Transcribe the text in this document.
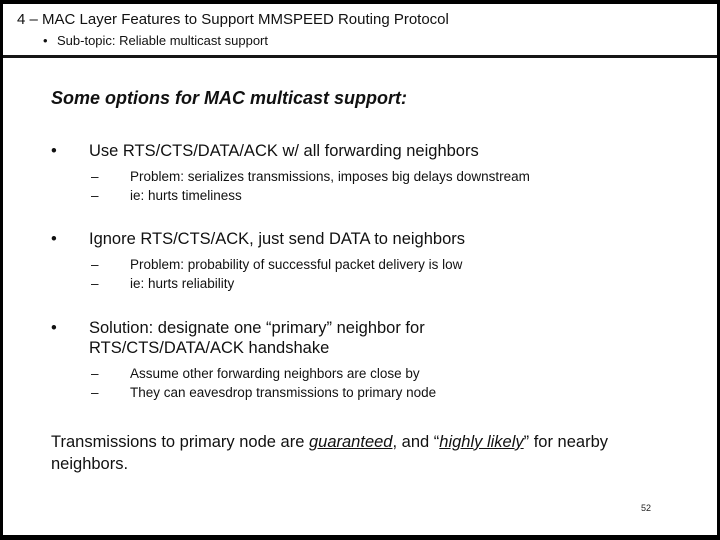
4 – MAC Layer Features to Support MMSPEED Routing Protocol
• Sub-topic: Reliable multicast support
Some options for MAC multicast support:
•	Use RTS/CTS/DATA/ACK w/ all forwarding neighbors
–	Problem: serializes transmissions, imposes big delays downstream
–	ie: hurts timeliness
•	Ignore RTS/CTS/ACK, just send DATA to neighbors
–	Problem: probability of successful packet delivery is low
–	ie: hurts reliability
•	Solution: designate one “primary” neighbor for RTS/CTS/DATA/ACK handshake
–	Assume other forwarding neighbors are close by
–	They can eavesdrop transmissions to primary node
Transmissions to primary node are guaranteed, and “highly likely” for nearby neighbors.
52
